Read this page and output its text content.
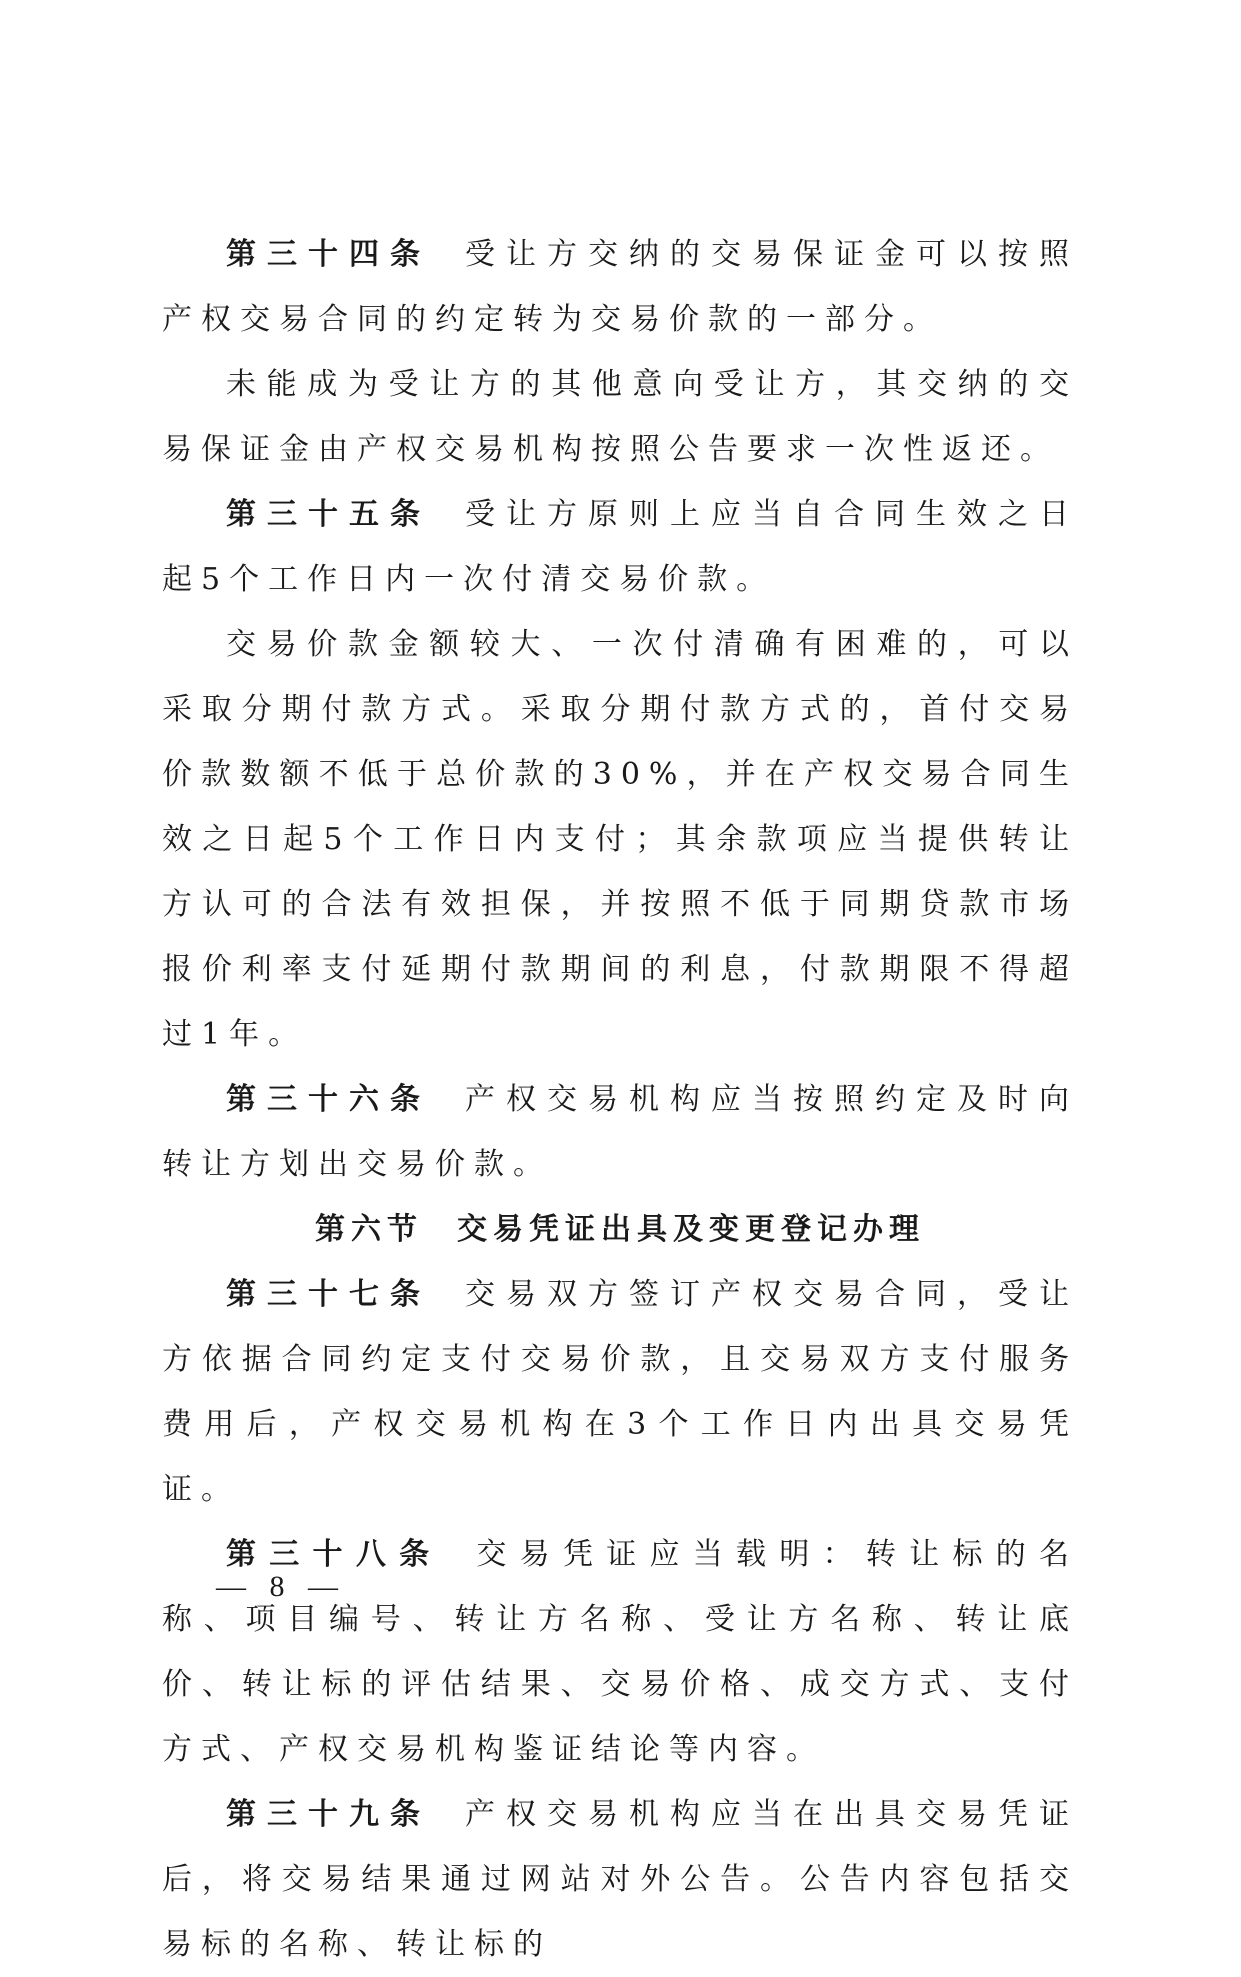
第三十四条 受让方交纳的交易保证金可以按照产权交易合同的约定转为交易价款的一部分。

未能成为受让方的其他意向受让方，其交纳的交易保证金由产权交易机构按照公告要求一次性返还。

第三十五条 受让方原则上应当自合同生效之日起5个工作日内一次付清交易价款。

交易价款金额较大、一次付清确有困难的，可以采取分期付款方式。采取分期付款方式的，首付交易价款数额不低于总价款的30%，并在产权交易合同生效之日起5个工作日内支付；其余款项应当提供转让方认可的合法有效担保，并按照不低于同期贷款市场报价利率支付延期付款期间的利息，付款期限不得超过1年。

第三十六条 产权交易机构应当按照约定及时向转让方划出交易价款。

第六节 交易凭证出具及变更登记办理

第三十七条 交易双方签订产权交易合同，受让方依据合同约定支付交易价款，且交易双方支付服务费用后，产权交易机构在3个工作日内出具交易凭证。

第三十八条 交易凭证应当载明：转让标的名称、项目编号、转让方名称、受让方名称、转让底价、转让标的评估结果、交易价格、成交方式、支付方式、产权交易机构鉴证结论等内容。

第三十九条 产权交易机构应当在出具交易凭证后，将交易结果通过网站对外公告。公告内容包括交易标的名称、转让标的

— 8 —
